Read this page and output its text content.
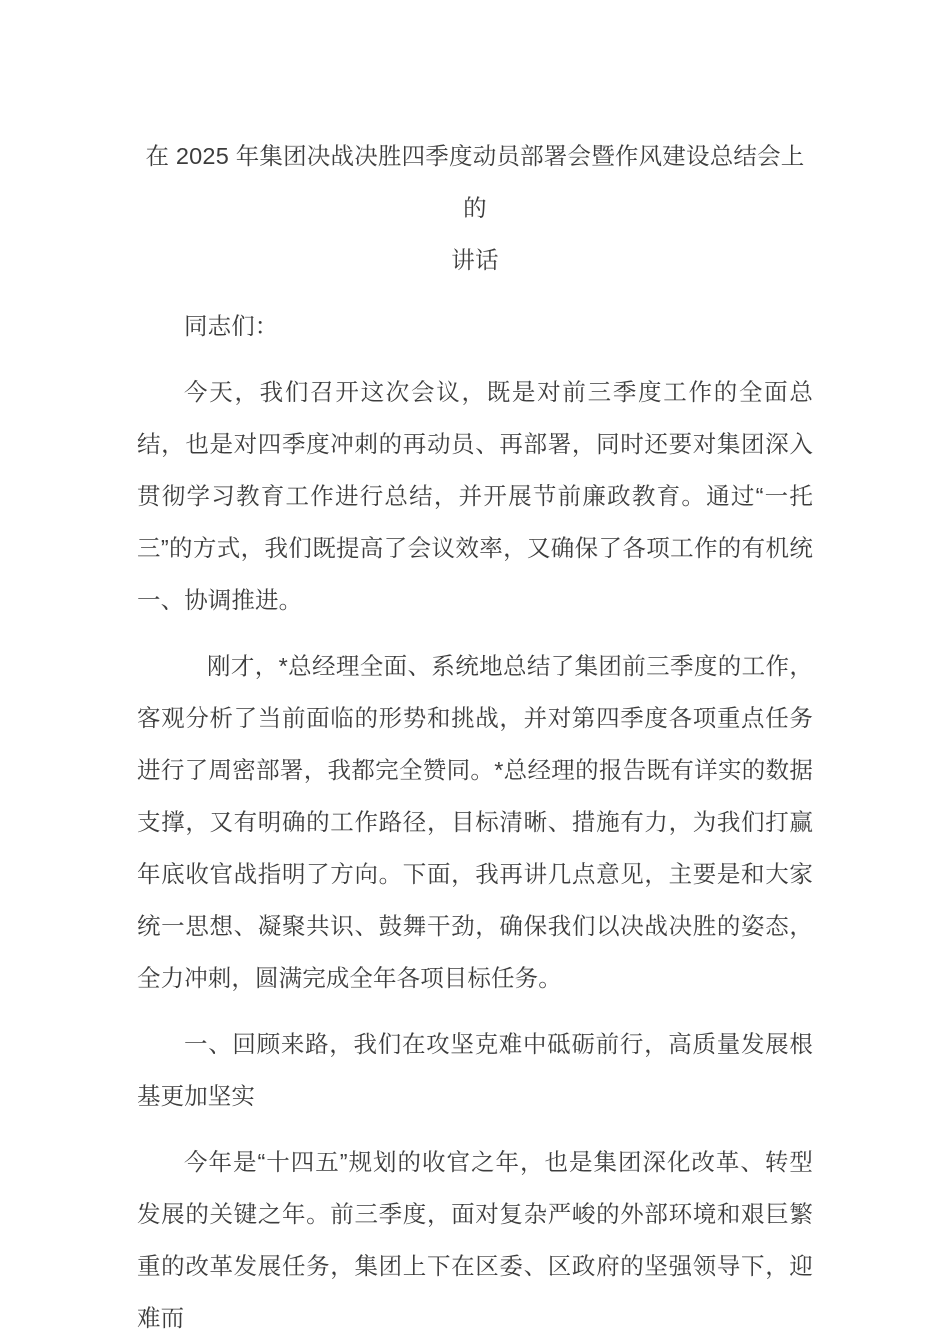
在 2025 年集团决战决胜四季度动员部署会暨作风建设总结会上的
讲话

同志们：

今天，我们召开这次会议，既是对前三季度工作的全面总结，也是对四季度冲刺的再动员、再部署，同时还要对集团深入贯彻学习教育工作进行总结，并开展节前廉政教育。通过“一托三”的方式，我们既提高了会议效率，又确保了各项工作的有机统一、协调推进。

刚才，*总经理全面、系统地总结了集团前三季度的工作，客观分析了当前面临的形势和挑战，并对第四季度各项重点任务进行了周密部署，我都完全赞同。*总经理的报告既有详实的数据支撑，又有明确的工作路径，目标清晰、措施有力，为我们打赢年底收官战指明了方向。下面，我再讲几点意见，主要是和大家统一思想、凝聚共识、鼓舞干劲，确保我们以决战决胜的姿态，全力冲刺，圆满完成全年各项目标任务。

一、回顾来路，我们在攻坚克难中砥砺前行，高质量发展根基更加坚实

今年是“十四五”规划的收官之年，也是集团深化改革、转型发展的关键之年。前三季度，面对复杂严峻的外部环境和艰巨繁重的改革发展任务，集团上下在区委、区政府的坚强领导下，迎难而
